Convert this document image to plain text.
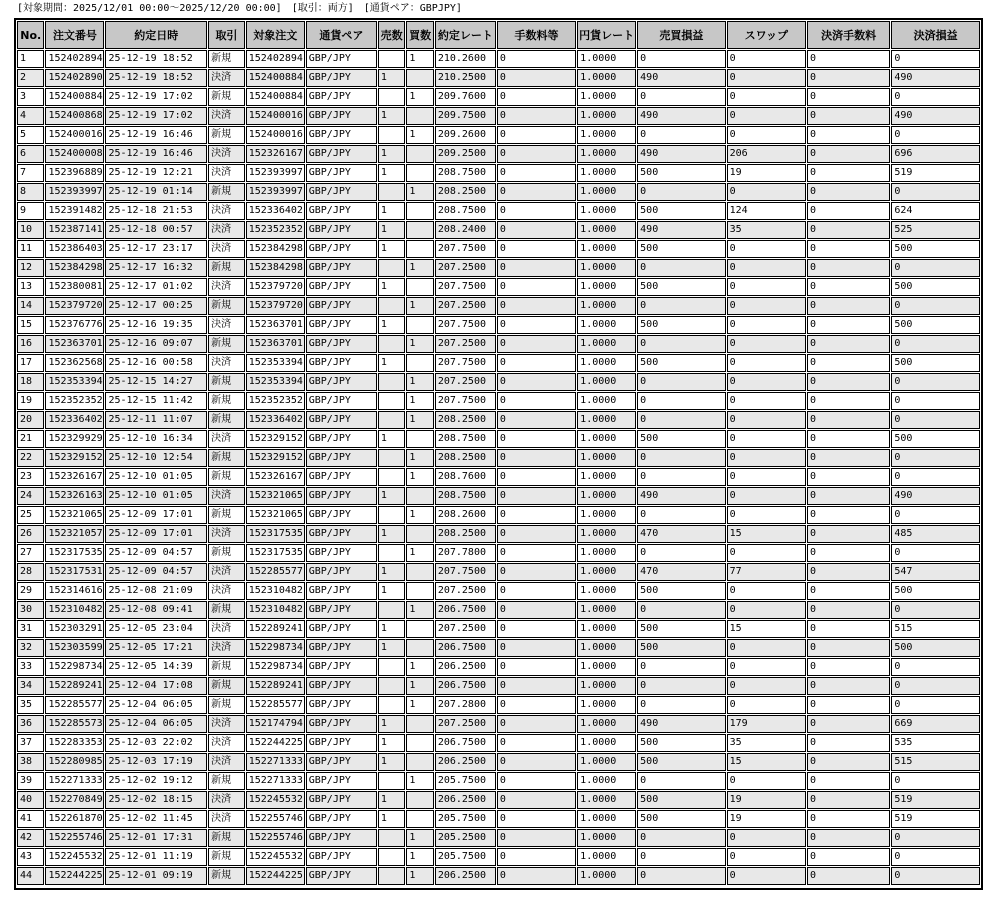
[対象期間：2025/12/01 00:00～2025/12/20 00:00] [取引：両方] [通貨ペア：GBPJPY]
No.	注文番号	約定日時	取引	対象注文	通貨ペア	売数	買数	約定レート	手数料等	円貨レート	売買損益	スワップ	決済手数料	決済損益
1	152402894	25-12-19 18:52	新規	152402894	GBP/JPY		1	210.2600	0	1.0000	0	0	0	0
2	152402890	25-12-19 18:52	決済	152400884	GBP/JPY	1		210.2500	0	1.0000	490	0	0	490
3	152400884	25-12-19 17:02	新規	152400884	GBP/JPY		1	209.7600	0	1.0000	0	0	0	0
4	152400868	25-12-19 17:02	決済	152400016	GBP/JPY	1		209.7500	0	1.0000	490	0	0	490
5	152400016	25-12-19 16:46	新規	152400016	GBP/JPY		1	209.2600	0	1.0000	0	0	0	0
6	152400008	25-12-19 16:46	決済	152326167	GBP/JPY	1		209.2500	0	1.0000	490	206	0	696
7	152396889	25-12-19 12:21	決済	152393997	GBP/JPY	1		208.7500	0	1.0000	500	19	0	519
8	152393997	25-12-19 01:14	新規	152393997	GBP/JPY		1	208.2500	0	1.0000	0	0	0	0
9	152391482	25-12-18 21:53	決済	152336402	GBP/JPY	1		208.7500	0	1.0000	500	124	0	624
10	152387141	25-12-18 00:57	決済	152352352	GBP/JPY	1		208.2400	0	1.0000	490	35	0	525
11	152386403	25-12-17 23:17	決済	152384298	GBP/JPY	1		207.7500	0	1.0000	500	0	0	500
12	152384298	25-12-17 16:32	新規	152384298	GBP/JPY		1	207.2500	0	1.0000	0	0	0	0
13	152380081	25-12-17 01:02	決済	152379720	GBP/JPY	1		207.7500	0	1.0000	500	0	0	500
14	152379720	25-12-17 00:25	新規	152379720	GBP/JPY		1	207.2500	0	1.0000	0	0	0	0
15	152376776	25-12-16 19:35	決済	152363701	GBP/JPY	1		207.7500	0	1.0000	500	0	0	500
16	152363701	25-12-16 09:07	新規	152363701	GBP/JPY		1	207.2500	0	1.0000	0	0	0	0
17	152362568	25-12-16 00:58	決済	152353394	GBP/JPY	1		207.7500	0	1.0000	500	0	0	500
18	152353394	25-12-15 14:27	新規	152353394	GBP/JPY		1	207.2500	0	1.0000	0	0	0	0
19	152352352	25-12-15 11:42	新規	152352352	GBP/JPY		1	207.7500	0	1.0000	0	0	0	0
20	152336402	25-12-11 11:07	新規	152336402	GBP/JPY		1	208.2500	0	1.0000	0	0	0	0
21	152329929	25-12-10 16:34	決済	152329152	GBP/JPY	1		208.7500	0	1.0000	500	0	0	500
22	152329152	25-12-10 12:54	新規	152329152	GBP/JPY		1	208.2500	0	1.0000	0	0	0	0
23	152326167	25-12-10 01:05	新規	152326167	GBP/JPY		1	208.7600	0	1.0000	0	0	0	0
24	152326163	25-12-10 01:05	決済	152321065	GBP/JPY	1		208.7500	0	1.0000	490	0	0	490
25	152321065	25-12-09 17:01	新規	152321065	GBP/JPY		1	208.2600	0	1.0000	0	0	0	0
26	152321057	25-12-09 17:01	決済	152317535	GBP/JPY	1		208.2500	0	1.0000	470	15	0	485
27	152317535	25-12-09 04:57	新規	152317535	GBP/JPY		1	207.7800	0	1.0000	0	0	0	0
28	152317531	25-12-09 04:57	決済	152285577	GBP/JPY	1		207.7500	0	1.0000	470	77	0	547
29	152314616	25-12-08 21:09	決済	152310482	GBP/JPY	1		207.2500	0	1.0000	500	0	0	500
30	152310482	25-12-08 09:41	新規	152310482	GBP/JPY		1	206.7500	0	1.0000	0	0	0	0
31	152303291	25-12-05 23:04	決済	152289241	GBP/JPY	1		207.2500	0	1.0000	500	15	0	515
32	152303599	25-12-05 17:21	決済	152298734	GBP/JPY	1		206.7500	0	1.0000	500	0	0	500
33	152298734	25-12-05 14:39	新規	152298734	GBP/JPY		1	206.2500	0	1.0000	0	0	0	0
34	152289241	25-12-04 17:08	新規	152289241	GBP/JPY		1	206.7500	0	1.0000	0	0	0	0
35	152285577	25-12-04 06:05	新規	152285577	GBP/JPY		1	207.2800	0	1.0000	0	0	0	0
36	152285573	25-12-04 06:05	決済	152174794	GBP/JPY	1		207.2500	0	1.0000	490	179	0	669
37	152283353	25-12-03 22:02	決済	152244225	GBP/JPY	1		206.7500	0	1.0000	500	35	0	535
38	152280985	25-12-03 17:19	決済	152271333	GBP/JPY	1		206.2500	0	1.0000	500	15	0	515
39	152271333	25-12-02 19:12	新規	152271333	GBP/JPY		1	205.7500	0	1.0000	0	0	0	0
40	152270849	25-12-02 18:15	決済	152245532	GBP/JPY	1		206.2500	0	1.0000	500	19	0	519
41	152261870	25-12-02 11:45	決済	152255746	GBP/JPY	1		205.7500	0	1.0000	500	19	0	519
42	152255746	25-12-01 17:31	新規	152255746	GBP/JPY		1	205.2500	0	1.0000	0	0	0	0
43	152245532	25-12-01 11:19	新規	152245532	GBP/JPY		1	205.7500	0	1.0000	0	0	0	0
44	152244225	25-12-01 09:19	新規	152244225	GBP/JPY		1	206.2500	0	1.0000	0	0	0	0
